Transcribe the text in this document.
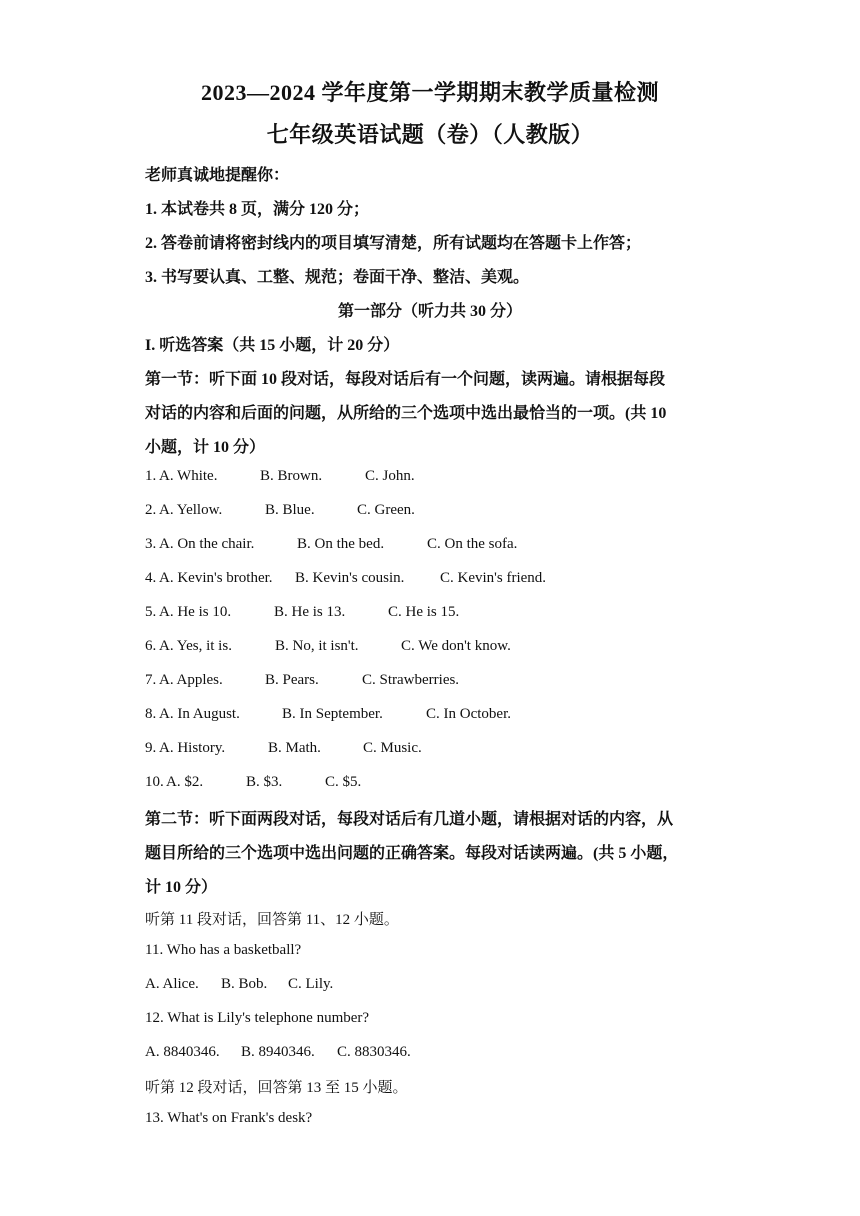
2023—2024 学年度第一学期期末教学质量检测
七年级英语试题（卷）（人教版）
老师真诚地提醒你：
1. 本试卷共 8 页，满分 120 分；
2. 答卷前请将密封线内的项目填写清楚，所有试题均在答题卡上作答；
3. 书写要认真、工整、规范；卷面干净、整洁、美观。
第一部分（听力共 30 分）
I. 听选答案（共 15 小题，计 20 分）
第一节：听下面 10 段对话，每段对话后有一个问题，读两遍。请根据每段
对话的内容和后面的问题，从所给的三个选项中选出最恰当的一项。(共 10
小题，计 10 分）
1. A. White.	B. Brown.	C. John.
2. A. Yellow.	B. Blue.	C. Green.
3. A. On the chair.	B. On the bed.	C. On the sofa.
4. A. Kevin's brother. B. Kevin's cousin. C. Kevin's friend.
5. A. He is 10.	B. He is 13.	C. He is 15.
6. A. Yes, it is.	B. No, it isn't.	C. We don't know.
7. A. Apples.	B. Pears.	C. Strawberries.
8. A. In August.	B. In September.	C. In October.
9. A. History.	B. Math.	C. Music.
10. A. $2.	B. $3.	C. $5.
第二节：听下面两段对话，每段对话后有几道小题，请根据对话的内容，从
题目所给的三个选项中选出问题的正确答案。每段对话读两遍。(共 5 小题，
计 10 分）
听第 11 段对话，回答第 11、12 小题。
11. Who has a basketball?
A. Alice. B. Bob. C. Lily.
12. What is Lily's telephone number?
A. 8840346. B. 8940346. C. 8830346.
听第 12 段对话，回答第 13 至 15 小题。
13. What's on Frank's desk?
